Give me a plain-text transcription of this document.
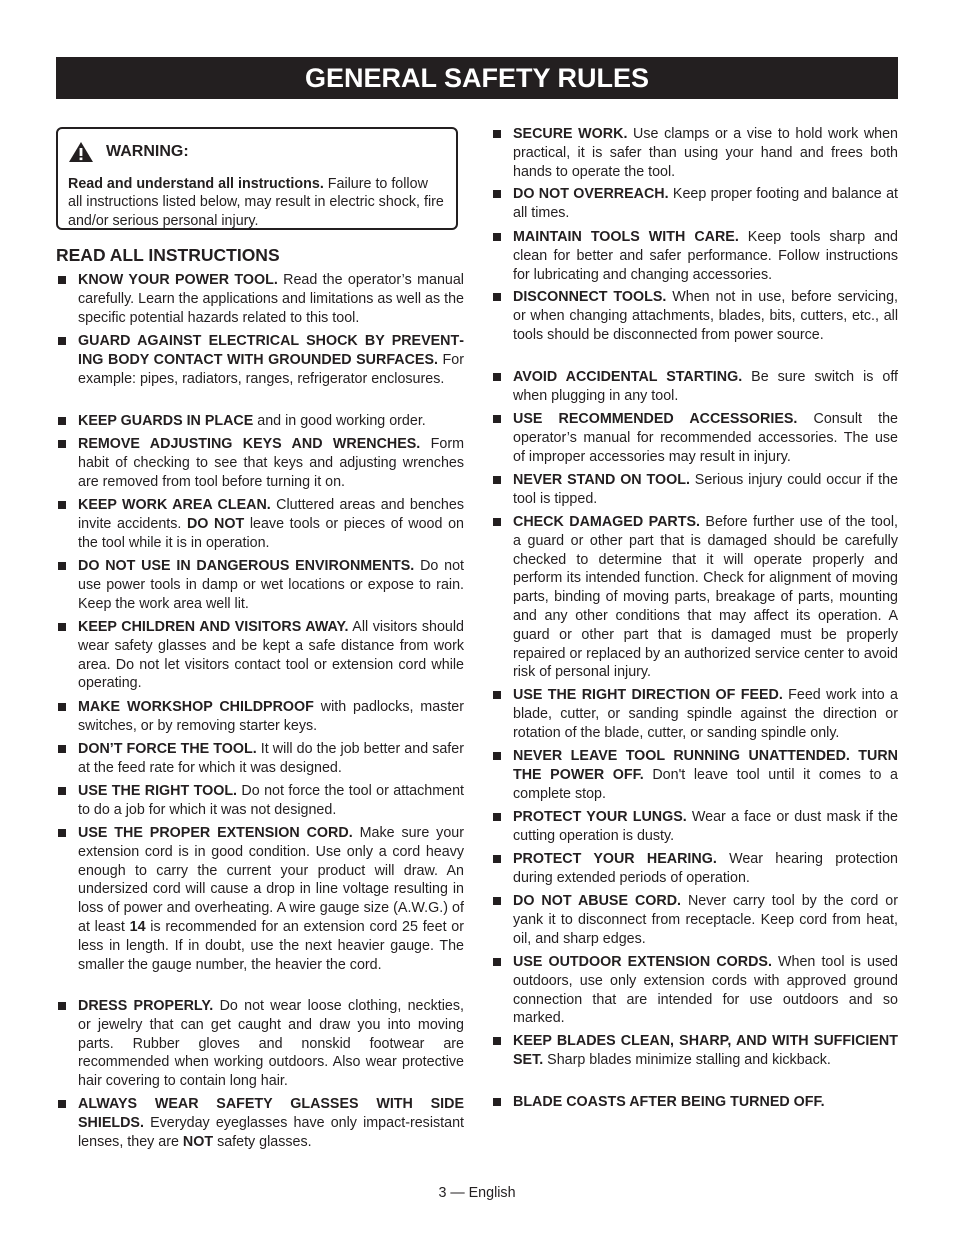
GENERAL SAFETY RULES
WARNING:
Read and understand all instructions. Failure to follow all instructions listed below, may result in electric shock, fire and/or serious personal injury.
READ ALL INSTRUCTIONS
KNOW YOUR POWER TOOL. Read the operator’s manual carefully. Learn the applications and limitations as well as the specific potential hazards related to this tool.
GUARD AGAINST ELECTRICAL SHOCK BY PREVENTING BODY CONTACT WITH GROUNDED SURFACES. For example: pipes, radiators, ranges, refrigerator enclosures.
KEEP GUARDS IN PLACE and in good working order.
REMOVE ADJUSTING KEYS AND WRENCHES. Form habit of checking to see that keys and adjusting wrenches are removed from tool before turning it on.
KEEP WORK AREA CLEAN. Cluttered areas and benches invite accidents. DO NOT leave tools or pieces of wood on the tool while it is in operation.
DO NOT USE IN DANGEROUS ENVIRONMENTS. Do not use power tools in damp or wet locations or expose to rain. Keep the work area well lit.
KEEP CHILDREN AND VISITORS AWAY. All visitors should wear safety glasses and be kept a safe distance from work area. Do not let visitors contact tool or extension cord while operating.
MAKE WORKSHOP CHILDPROOF with padlocks, master switches, or by removing starter keys.
DON’T FORCE THE TOOL. It will do the job better and safer at the feed rate for which it was designed.
USE THE RIGHT TOOL. Do not force the tool or attachment to do a job for which it was not designed.
USE THE PROPER EXTENSION CORD. Make sure your extension cord is in good condition. Use only a cord heavy enough to carry the current your product will draw. An undersized cord will cause a drop in line voltage resulting in loss of power and overheating. A wire gauge size (A.W.G.) of at least 14 is recommended for an extension cord 25 feet or less in length. If in doubt, use the next heavier gauge. The smaller the gauge number, the heavier the cord.
DRESS PROPERLY. Do not wear loose clothing, neckties, or jewelry that can get caught and draw you into moving parts. Rubber gloves and nonskid footwear are recommended when working outdoors. Also wear protective hair covering to contain long hair.
ALWAYS WEAR SAFETY GLASSES WITH SIDE SHIELDS. Everyday eyeglasses have only impact-resistant lenses, they are NOT safety glasses.
SECURE WORK. Use clamps or a vise to hold work when practical, it is safer than using your hand and frees both hands to operate the tool.
DO NOT OVERREACH. Keep proper footing and balance at all times.
MAINTAIN TOOLS WITH CARE. Keep tools sharp and clean for better and safer performance. Follow instructions for lubricating and changing accessories.
DISCONNECT TOOLS. When not in use, before servicing, or when changing attachments, blades, bits, cutters, etc., all tools should be disconnected from power source.
AVOID ACCIDENTAL STARTING. Be sure switch is off when plugging in any tool.
USE RECOMMENDED ACCESSORIES. Consult the operator’s manual for recommended accessories. The use of improper accessories may result in injury.
NEVER STAND ON TOOL. Serious injury could occur if the tool is tipped.
CHECK DAMAGED PARTS. Before further use of the tool, a guard or other part that is damaged should be carefully checked to determine that it will operate properly and perform its intended function. Check for alignment of moving parts, binding of moving parts, breakage of parts, mounting and any other conditions that may affect its operation. A guard or other part that is damaged must be properly repaired or replaced by an authorized service center to avoid risk of personal injury.
USE THE RIGHT DIRECTION OF FEED. Feed work into a blade, cutter, or sanding spindle against the direction or rotation of the blade, cutter, or sanding spindle only.
NEVER LEAVE TOOL RUNNING UNATTENDED. TURN THE POWER OFF. Don't leave tool until it comes to a complete stop.
PROTECT YOUR LUNGS. Wear a face or dust mask if the cutting operation is dusty.
PROTECT YOUR HEARING. Wear hearing protection during extended periods of operation.
DO NOT ABUSE CORD. Never carry tool by the cord or yank it to disconnect from receptacle. Keep cord from heat, oil, and sharp edges.
USE OUTDOOR EXTENSION CORDS. When tool is used outdoors, use only extension cords with approved ground connection that are intended for use outdoors and so marked.
KEEP BLADES CLEAN, SHARP, AND WITH SUFFICIENT SET. Sharp blades minimize stalling and kickback.
BLADE COASTS AFTER BEING TURNED OFF.
3 — English
